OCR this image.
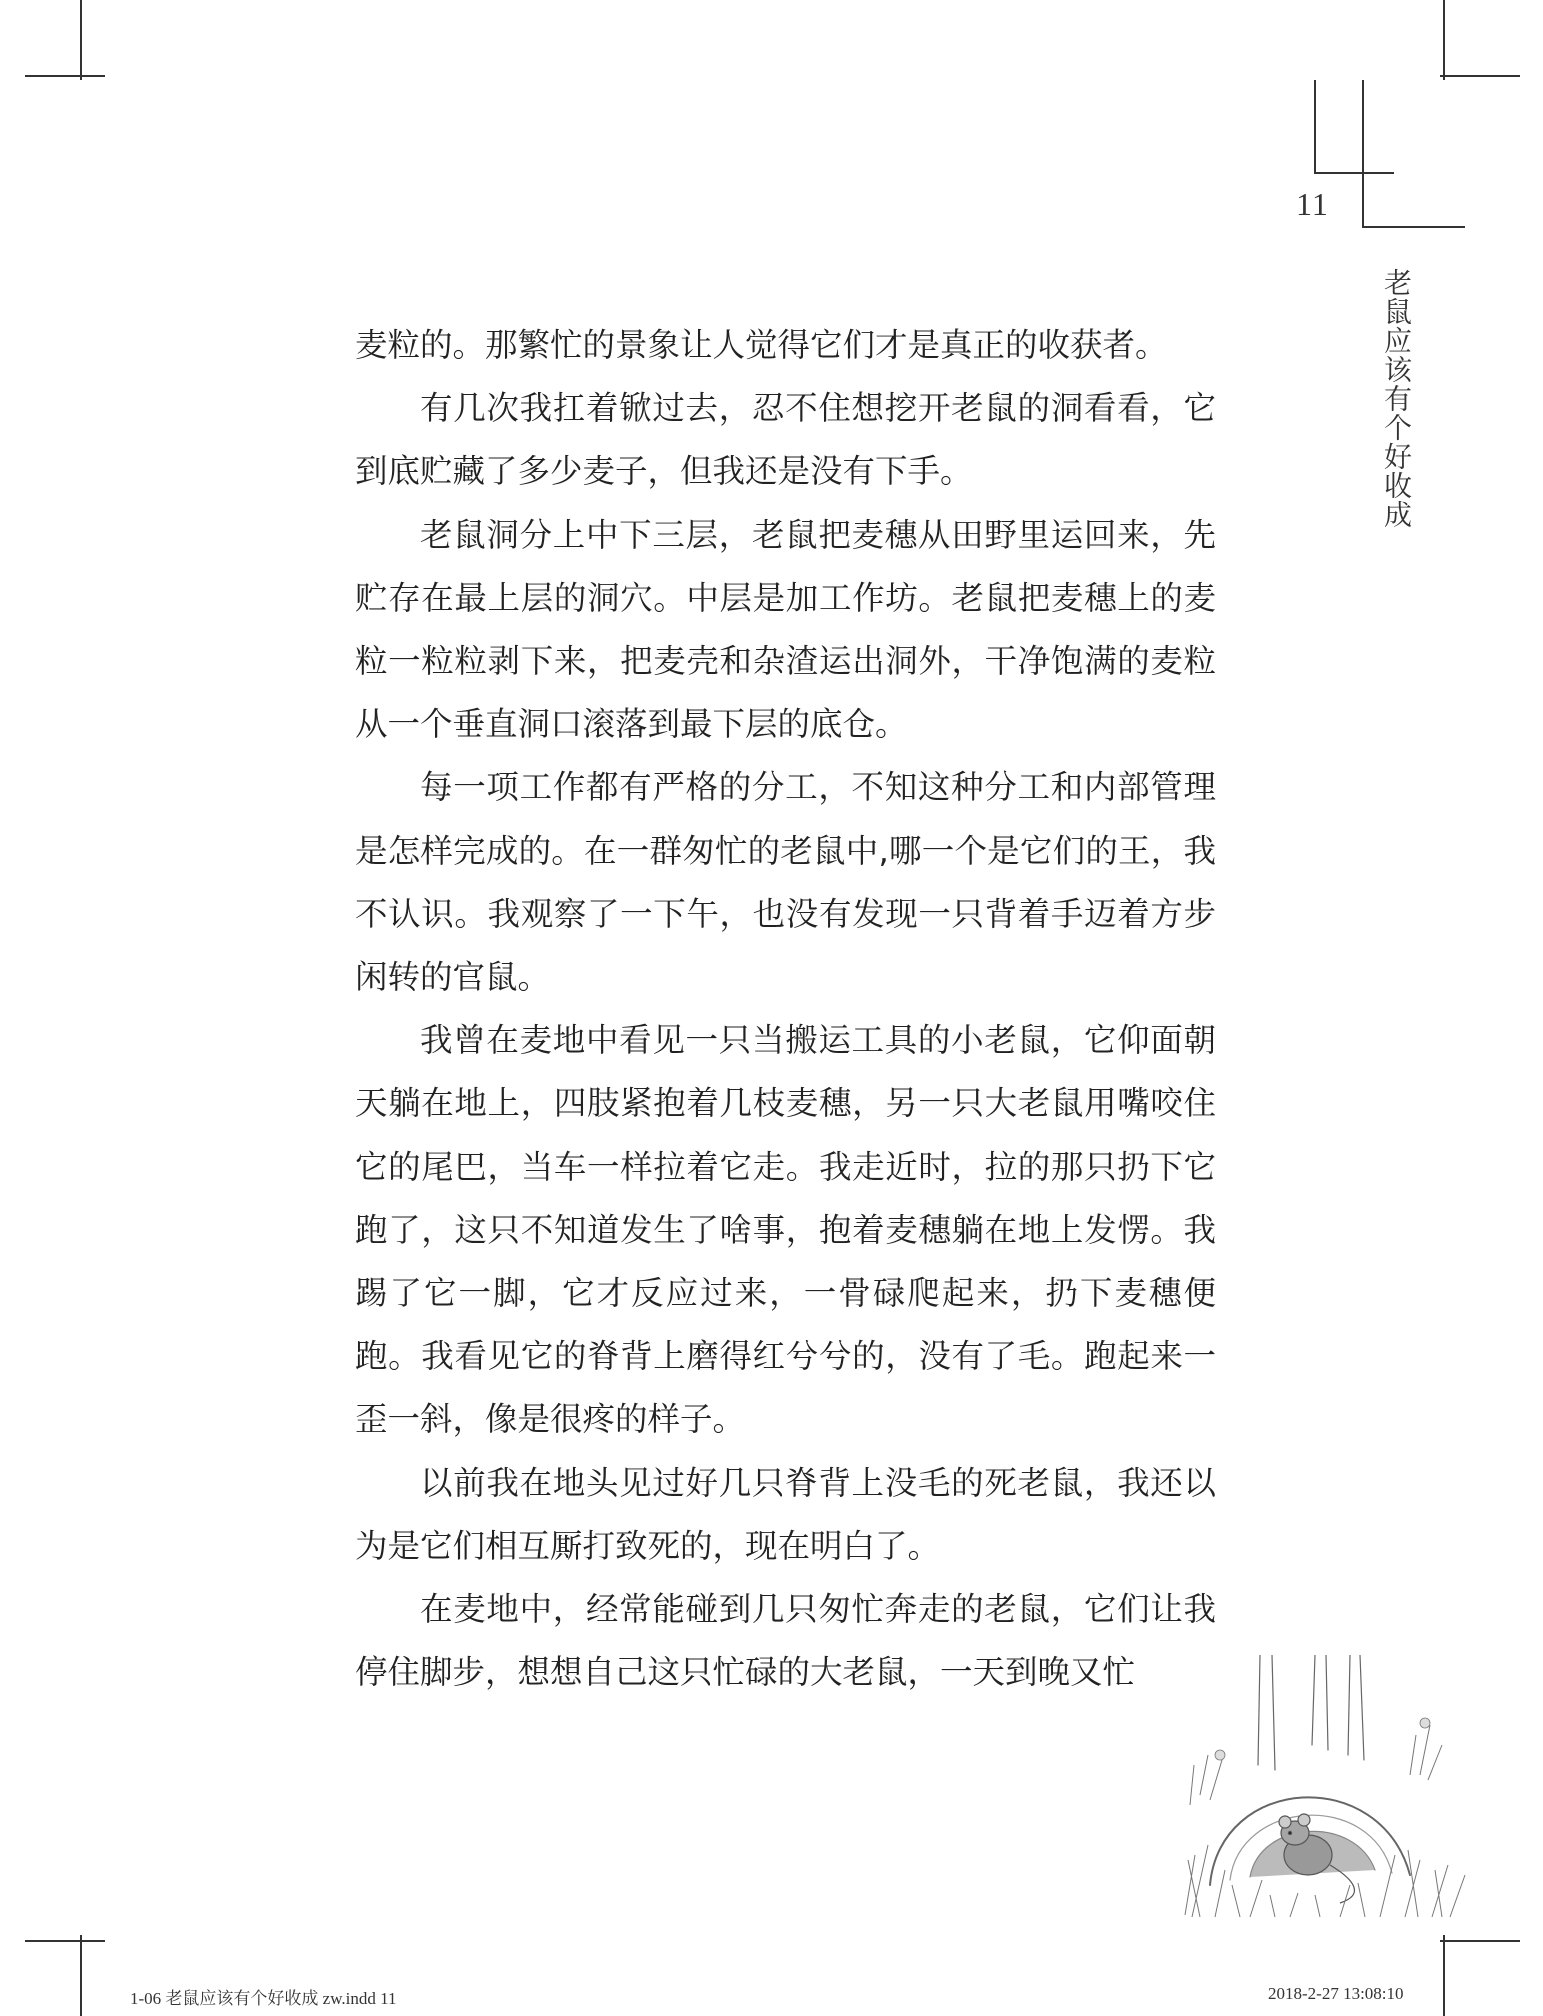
11
老鼠应该有个好收成

麦粒的。那繁忙的景象让人觉得它们才是真正的收获者。

有几次我扛着锨过去，忍不住想挖开老鼠的洞看看，它到底贮藏了多少麦子，但我还是没有下手。

老鼠洞分上中下三层，老鼠把麦穗从田野里运回来，先贮存在最上层的洞穴。中层是加工作坊。老鼠把麦穗上的麦粒一粒粒剥下来，把麦壳和杂渣运出洞外，干净饱满的麦粒从一个垂直洞口滚落到最下层的底仓。

每一项工作都有严格的分工，不知这种分工和内部管理是怎样完成的。在一群匆忙的老鼠中,哪一个是它们的王，我不认识。我观察了一下午，也没有发现一只背着手迈着方步闲转的官鼠。

我曾在麦地中看见一只当搬运工具的小老鼠，它仰面朝天躺在地上，四肢紧抱着几枝麦穗，另一只大老鼠用嘴咬住它的尾巴，当车一样拉着它走。我走近时，拉的那只扔下它跑了，这只不知道发生了啥事，抱着麦穗躺在地上发愣。我踢了它一脚，它才反应过来，一骨碌爬起来，扔下麦穗便跑。我看见它的脊背上磨得红兮兮的，没有了毛。跑起来一歪一斜，像是很疼的样子。

以前我在地头见过好几只脊背上没毛的死老鼠，我还以为是它们相互厮打致死的，现在明白了。

在麦地中，经常能碰到几只匆忙奔走的老鼠，它们让我停住脚步，想想自己这只忙碌的大老鼠，一天到晚又忙

1-06 老鼠应该有个好收成 zw.indd 11	2018-2-27 13:08:10
